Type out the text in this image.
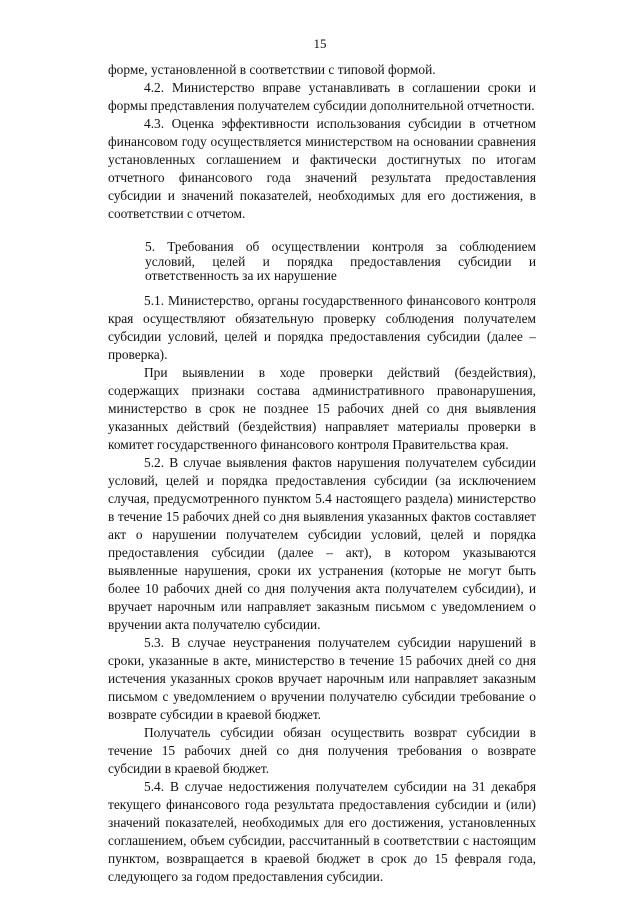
15

форме, установленной в соответствии с типовой формой.

4.2. Министерство вправе устанавливать в соглашении сроки и формы представления получателем субсидии дополнительной отчетности.

4.3. Оценка эффективности использования субсидии в отчетном финансовом году осуществляется министерством на основании сравнения установленных соглашением и фактически достигнутых по итогам отчетного финансового года значений результата предоставления субсидии и значений показателей, необходимых для его достижения, в соответствии с отчетом.

5. Требования об осуществлении контроля за соблюдением условий, целей и порядка предоставления субсидии и ответственность за их нарушение

5.1. Министерство, органы государственного финансового контроля края осуществляют обязательную проверку соблюдения получателем субсидии условий, целей и порядка предоставления субсидии (далее – проверка).

При выявлении в ходе проверки действий (бездействия), содержащих признаки состава административного правонарушения, министерство в срок не позднее 15 рабочих дней со дня выявления указанных действий (бездействия) направляет материалы проверки в комитет государственного финансового контроля Правительства края.

5.2. В случае выявления фактов нарушения получателем субсидии условий, целей и порядка предоставления субсидии (за исключением случая, предусмотренного пунктом 5.4 настоящего раздела) министерство в течение 15 рабочих дней со дня выявления указанных фактов составляет акт о нарушении получателем субсидии условий, целей и порядка предоставления субсидии (далее – акт), в котором указываются выявленные нарушения, сроки их устранения (которые не могут быть более 10 рабочих дней со дня получения акта получателем субсидии), и вручает нарочным или направляет заказным письмом с уведомлением о вручении акта получателю субсидии.

5.3. В случае неустранения получателем субсидии нарушений в сроки, указанные в акте, министерство в течение 15 рабочих дней со дня истечения указанных сроков вручает нарочным или направляет заказным письмом с уведомлением о вручении получателю субсидии требование о возврате субсидии в краевой бюджет.

Получатель субсидии обязан осуществить возврат субсидии в течение 15 рабочих дней со дня получения требования о возврате субсидии в краевой бюджет.

5.4. В случае недостижения получателем субсидии на 31 декабря текущего финансового года результата предоставления субсидии и (или) значений показателей, необходимых для его достижения, установленных соглашением, объем субсидии, рассчитанный в соответствии с настоящим пунктом, возвращается в краевой бюджет в срок до 15 февраля года, следующего за годом предоставления субсидии.
